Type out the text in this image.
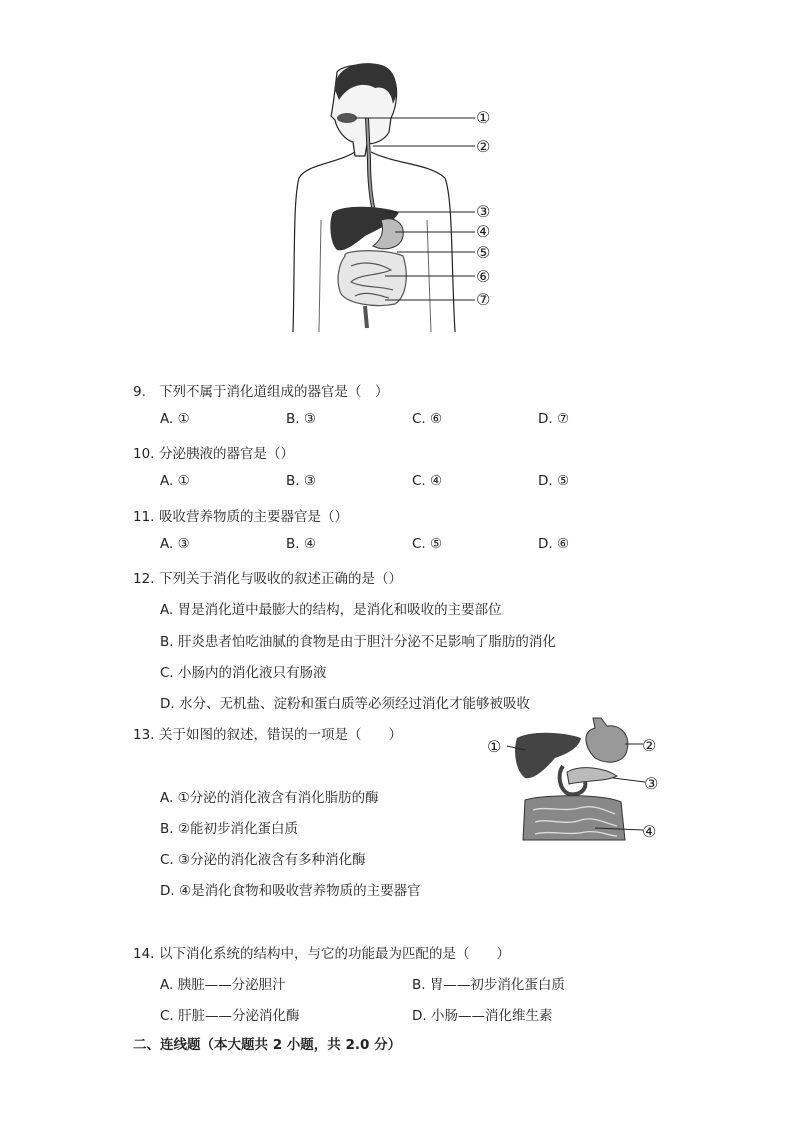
①
②
③
④
⑤
⑥
⑦
9. 下列不属于消化道组成的器官是（　）
A. ①	B. ③	C. ⑥	D. ⑦
10. 分泌胰液的器官是（）
A. ①	B. ③	C. ④	D. ⑤
11. 吸收营养物质的主要器官是（）
A. ③	B. ④	C. ⑤	D. ⑥
12. 下列关于消化与吸收的叙述正确的是（）
A. 胃是消化道中最膨大的结构，是消化和吸收的主要部位
B. 肝炎患者怕吃油腻的食物是由于胆汁分泌不足影响了脂肪的消化
C. 小肠内的消化液只有肠液
D. 水分、无机盐、淀粉和蛋白质等必须经过消化才能够被吸收
13. 关于如图的叙述，错误的一项是（　　）
A. ①分泌的消化液含有消化脂肪的酶
B. ②能初步消化蛋白质
C. ③分泌的消化液含有多种消化酶
D. ④是消化食物和吸收营养物质的主要器官
①	②
③
④
14. 以下消化系统的结构中，与它的功能最为匹配的是（　　）
A. 胰脏——分泌胆汁	B. 胃——初步消化蛋白质
C. 肝脏——分泌消化酶	D. 小肠——消化维生素
二、连线题（本大题共 2 小题，共 2.0 分）
